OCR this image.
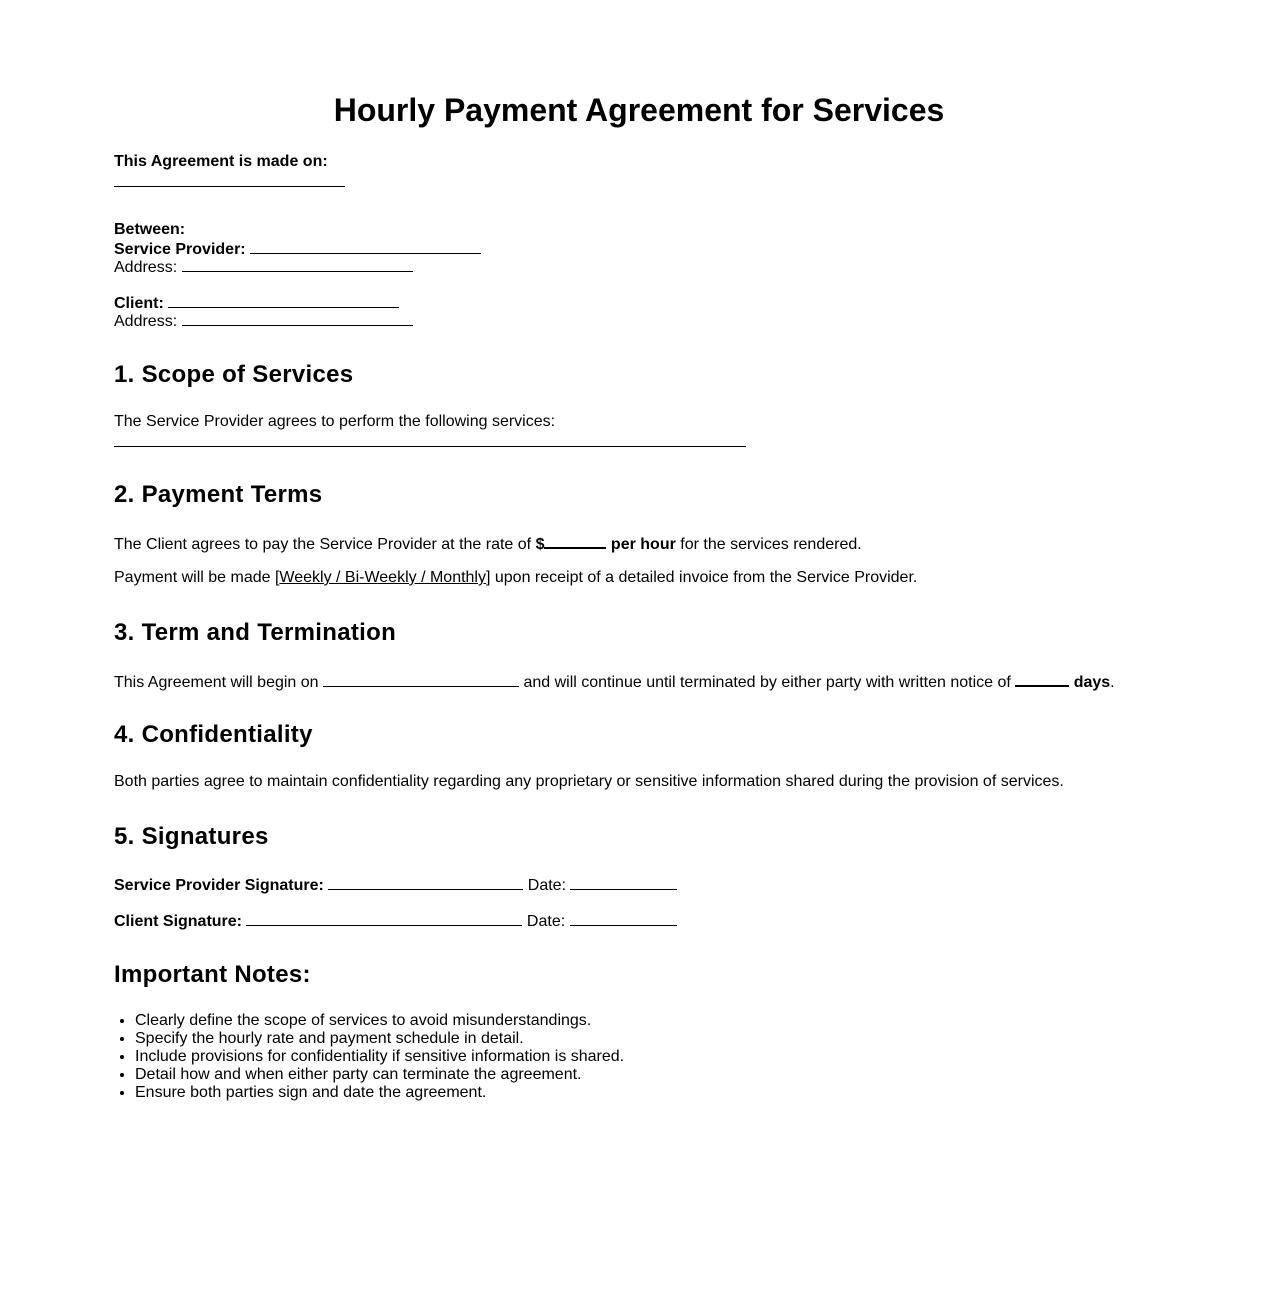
Hourly Payment Agreement for Services
This Agreement is made on:
Between:
Service Provider:
Address:
Client:
Address:
1. Scope of Services
The Service Provider agrees to perform the following services:
2. Payment Terms
The Client agrees to pay the Service Provider at the rate of $	per hour for the services rendered.
Payment will be made [Weekly / Bi-Weekly / Monthly] upon receipt of a detailed invoice from the Service Provider.
3. Term and Termination
This Agreement will begin on	and will continue until terminated by either party with written notice of	days.
4. Confidentiality
Both parties agree to maintain confidentiality regarding any proprietary or sensitive information shared during the provision of services.
5. Signatures
Service Provider Signature:	Date:
Client Signature:	Date:
Important Notes:
• Clearly define the scope of services to avoid misunderstandings.
• Specify the hourly rate and payment schedule in detail.
• Include provisions for confidentiality if sensitive information is shared.
• Detail how and when either party can terminate the agreement.
• Ensure both parties sign and date the agreement.
